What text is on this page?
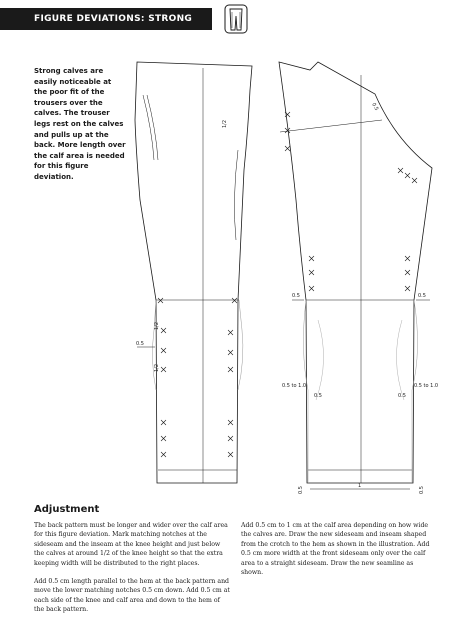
FIGURE DEVIATIONS: STRONG CALVES
Strong calves are easily noticeable at the poor fit of the trousers over the calves. The trouser legs rest on the calves and pulls up at the back. More length over the calf area is needed for this figure deviation.
1/2
1/2
1/2
0.5
0.5
0.5	0.5
0.5 to 1.0
0.5
0.5 to 1.0
0.5
0.5
1
0.5
Adjustment

The back pattern must be longer and wider over the calf area for this figure deviation. Mark matching notches at the sideseam and the inseam at the knee height and just below the calves at around 1/2 of the knee height so that the extra keeping width will be distributed to the right places.

Add 0.5 cm length parallel to the hem at the back pattern and move the lower matching notches 0.5 cm down. Add 0.5 cm at each side of the knee and calf area and down to the hem of the back pattern.

Add 0.5 cm to 1 cm at the calf area depending on how wide the calves are. Draw the new sideseam and inseam shaped from the crotch to the hem as shown in the illustration. Add 0.5 cm more width at the front sideseam only over the calf area to a straight sideseam. Draw the new seamline as shown.
